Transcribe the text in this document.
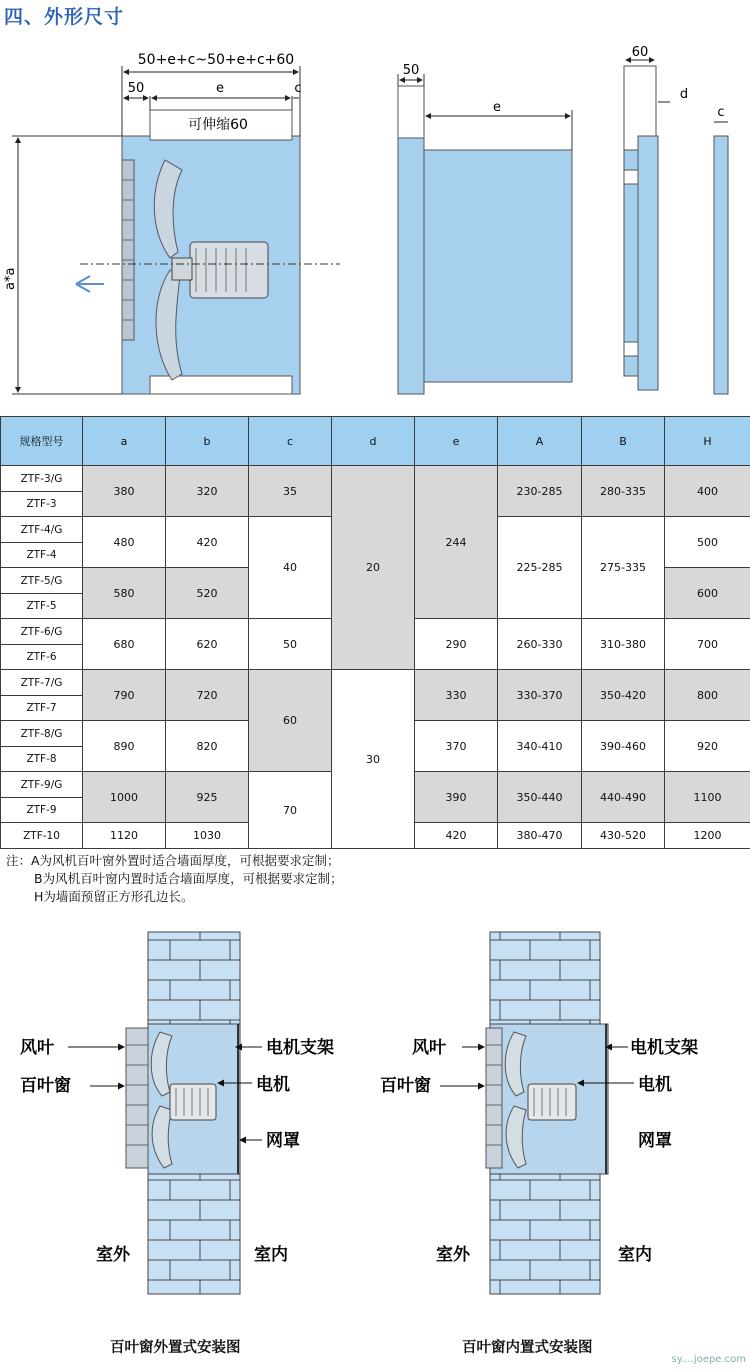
四、外形尺寸
50+e+c~50+e+c+60
50	e	c
可伸缩60
a*a
50
e
60
d
c
规格型号	a	b	c	d	e	A	B	H
ZTF-3/G	380	320	35	20	244	230-285	280-335	400
ZTF-3								
ZTF-4/G	480	420	40			225-285	275-335	500
ZTF-4								
ZTF-5/G	580	520						600
ZTF-5								
ZTF-6/G	680	620	50		290	260-330	310-380	700
ZTF-6								
ZTF-7/G	790	720	60	30	330	330-370	350-420	800
ZTF-7								
ZTF-8/G	890	820			370	340-410	390-460	920
ZTF-8								
ZTF-9/G	1000	925	70		390	350-440	440-490	1100
ZTF-9								
ZTF-10	1120	1030			420	380-470	430-520	1200
注：A为风机百叶窗外置时适合墙面厚度，可根据要求定制；
B为风机百叶窗内置时适合墙面厚度，可根据要求定制；
H为墙面预留正方形孔边长。
风叶
百叶窗
电机支架
电机
网罩
室外	室内
风叶
百叶窗
电机支架
电机
网罩
室外	室内
百叶窗外置式安装图	百叶窗内置式安装图
sy....joepe.com
